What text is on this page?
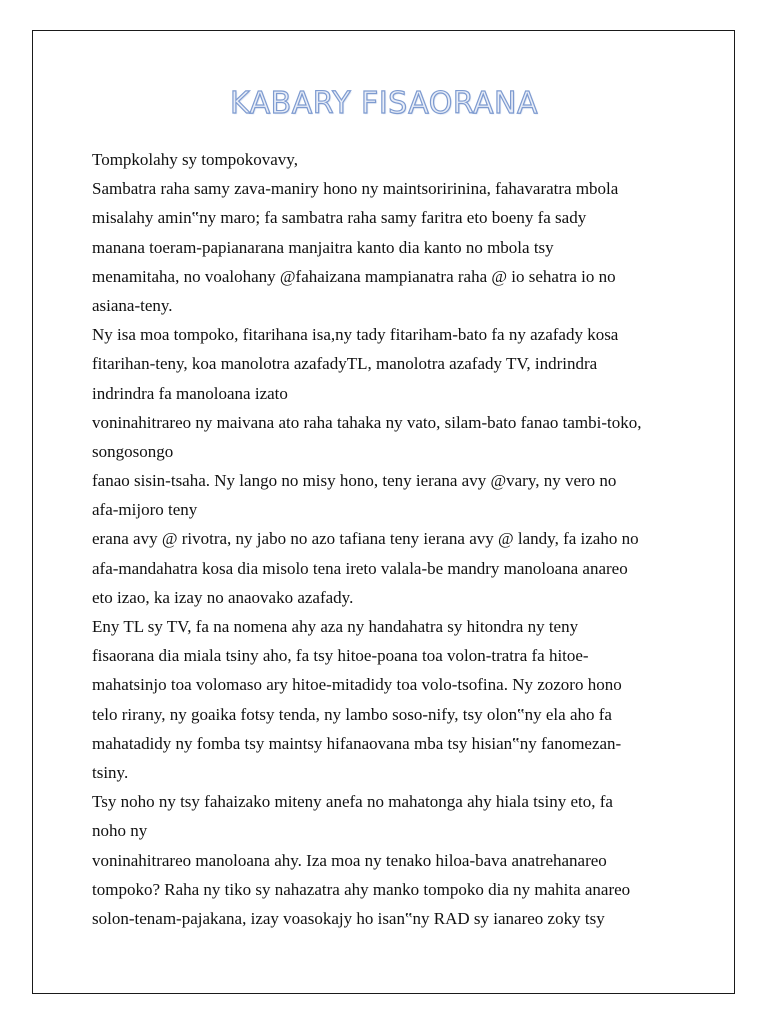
KABARY FISAORANA
Tompkolahy sy tompokovavy,
Sambatra raha samy zava-maniry hono ny maintsoririnina, fahavaratra mbola
misalahy amin‟ny maro; fa sambatra raha samy faritra eto boeny fa sady
manana toeram-papianarana manjaitra kanto dia kanto no mbola tsy
menamitaha, no voalohany @fahaizana mampianatra raha @ io sehatra io no
asiana-teny.
Ny isa moa tompoko, fitarihana isa,ny tady fitariham-bato fa ny azafady kosa
fitarihan-teny, koa manolotra azafadyTL, manolotra azafady TV, indrindra
indrindra fa manoloana izato
voninahitrareo ny maivana ato raha tahaka ny vato, silam-bato fanao tambi-toko,
songosongo
fanao sisin-tsaha. Ny lango no misy hono, teny ierana avy @vary, ny vero no
afa-mijoro teny
erana avy @ rivotra, ny jabo no azo tafiana teny ierana avy @ landy, fa izaho no
afa-mandahatra kosa dia misolo tena ireto valala-be mandry manoloana anareo
eto izao, ka izay no anaovako azafady.
Eny TL sy TV, fa na nomena ahy aza ny handahatra sy hitondra ny teny
fisaorana dia miala tsiny aho, fa tsy hitoe-poana toa volon-tratra fa hitoe-
mahatsinjo toa volomaso ary hitoe-mitadidy toa volo-tsofina. Ny zozoro hono
telo rirany, ny goaika fotsy tenda, ny lambo soso-nify, tsy olon‟ny ela aho fa
mahatadidy ny fomba tsy maintsy hifanaovana mba tsy hisian‟ny fanomezan-
tsiny.
Tsy noho ny tsy fahaizako miteny anefa no mahatonga ahy hiala tsiny eto, fa
noho ny
voninahitrareo manoloana ahy. Iza moa ny tenako hiloa-bava anatrehanareo
tompoko? Raha ny tiko sy nahazatra ahy manko tompoko dia ny mahita anareo
solon-tenam-pajakana, izay voasokajy ho isan‟ny RAD sy ianareo zoky tsy
